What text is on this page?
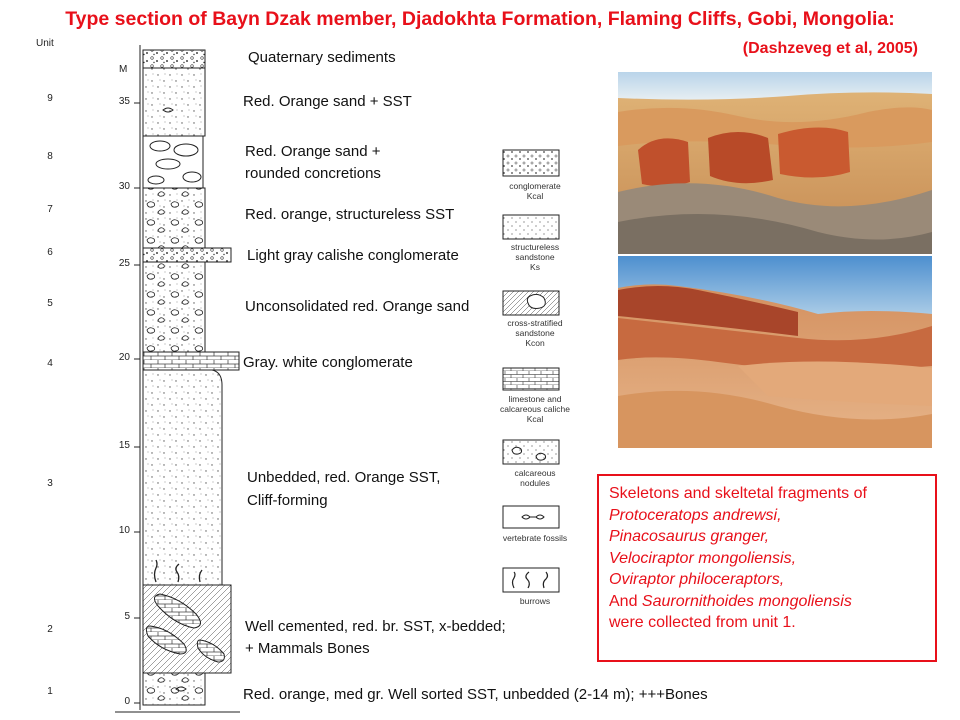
Type section of Bayn Dzak member, Djadokhta Formation, Flaming Cliffs, Gobi, Mongolia:
(Dashzeveg et al, 2005)
Unit
M
9
8
7
6
5
4
3
2
1
35
30
25
20
15
10
5
0
Quaternary sediments
Red. Orange sand + SST
Red. Orange sand +
rounded concretions
Red. orange, structureless SST
Light gray calishe conglomerate
Unconsolidated red. Orange sand
Gray. white conglomerate
Unbedded, red. Orange SST,
Cliff-forming
Well cemented, red. br. SST, x-bedded;
+ Mammals Bones
Red. orange, med gr. Well sorted SST, unbedded (2-14 m); +++Bones
conglomerate
Kcal
structureless
sandstone
Ks
cross-stratified
sandstone
Kcon
limestone and
calcareous caliche
Kcal
calcareous
nodules
vertebrate fossils
burrows
Skeletons and skeltetal fragments of
Protoceratops andrewsi,
Pinacosaurus granger,
Velociraptor mongoliensis,
Oviraptor philoceraptors,
And Saurornithoides mongoliensis
were collected from unit 1.
